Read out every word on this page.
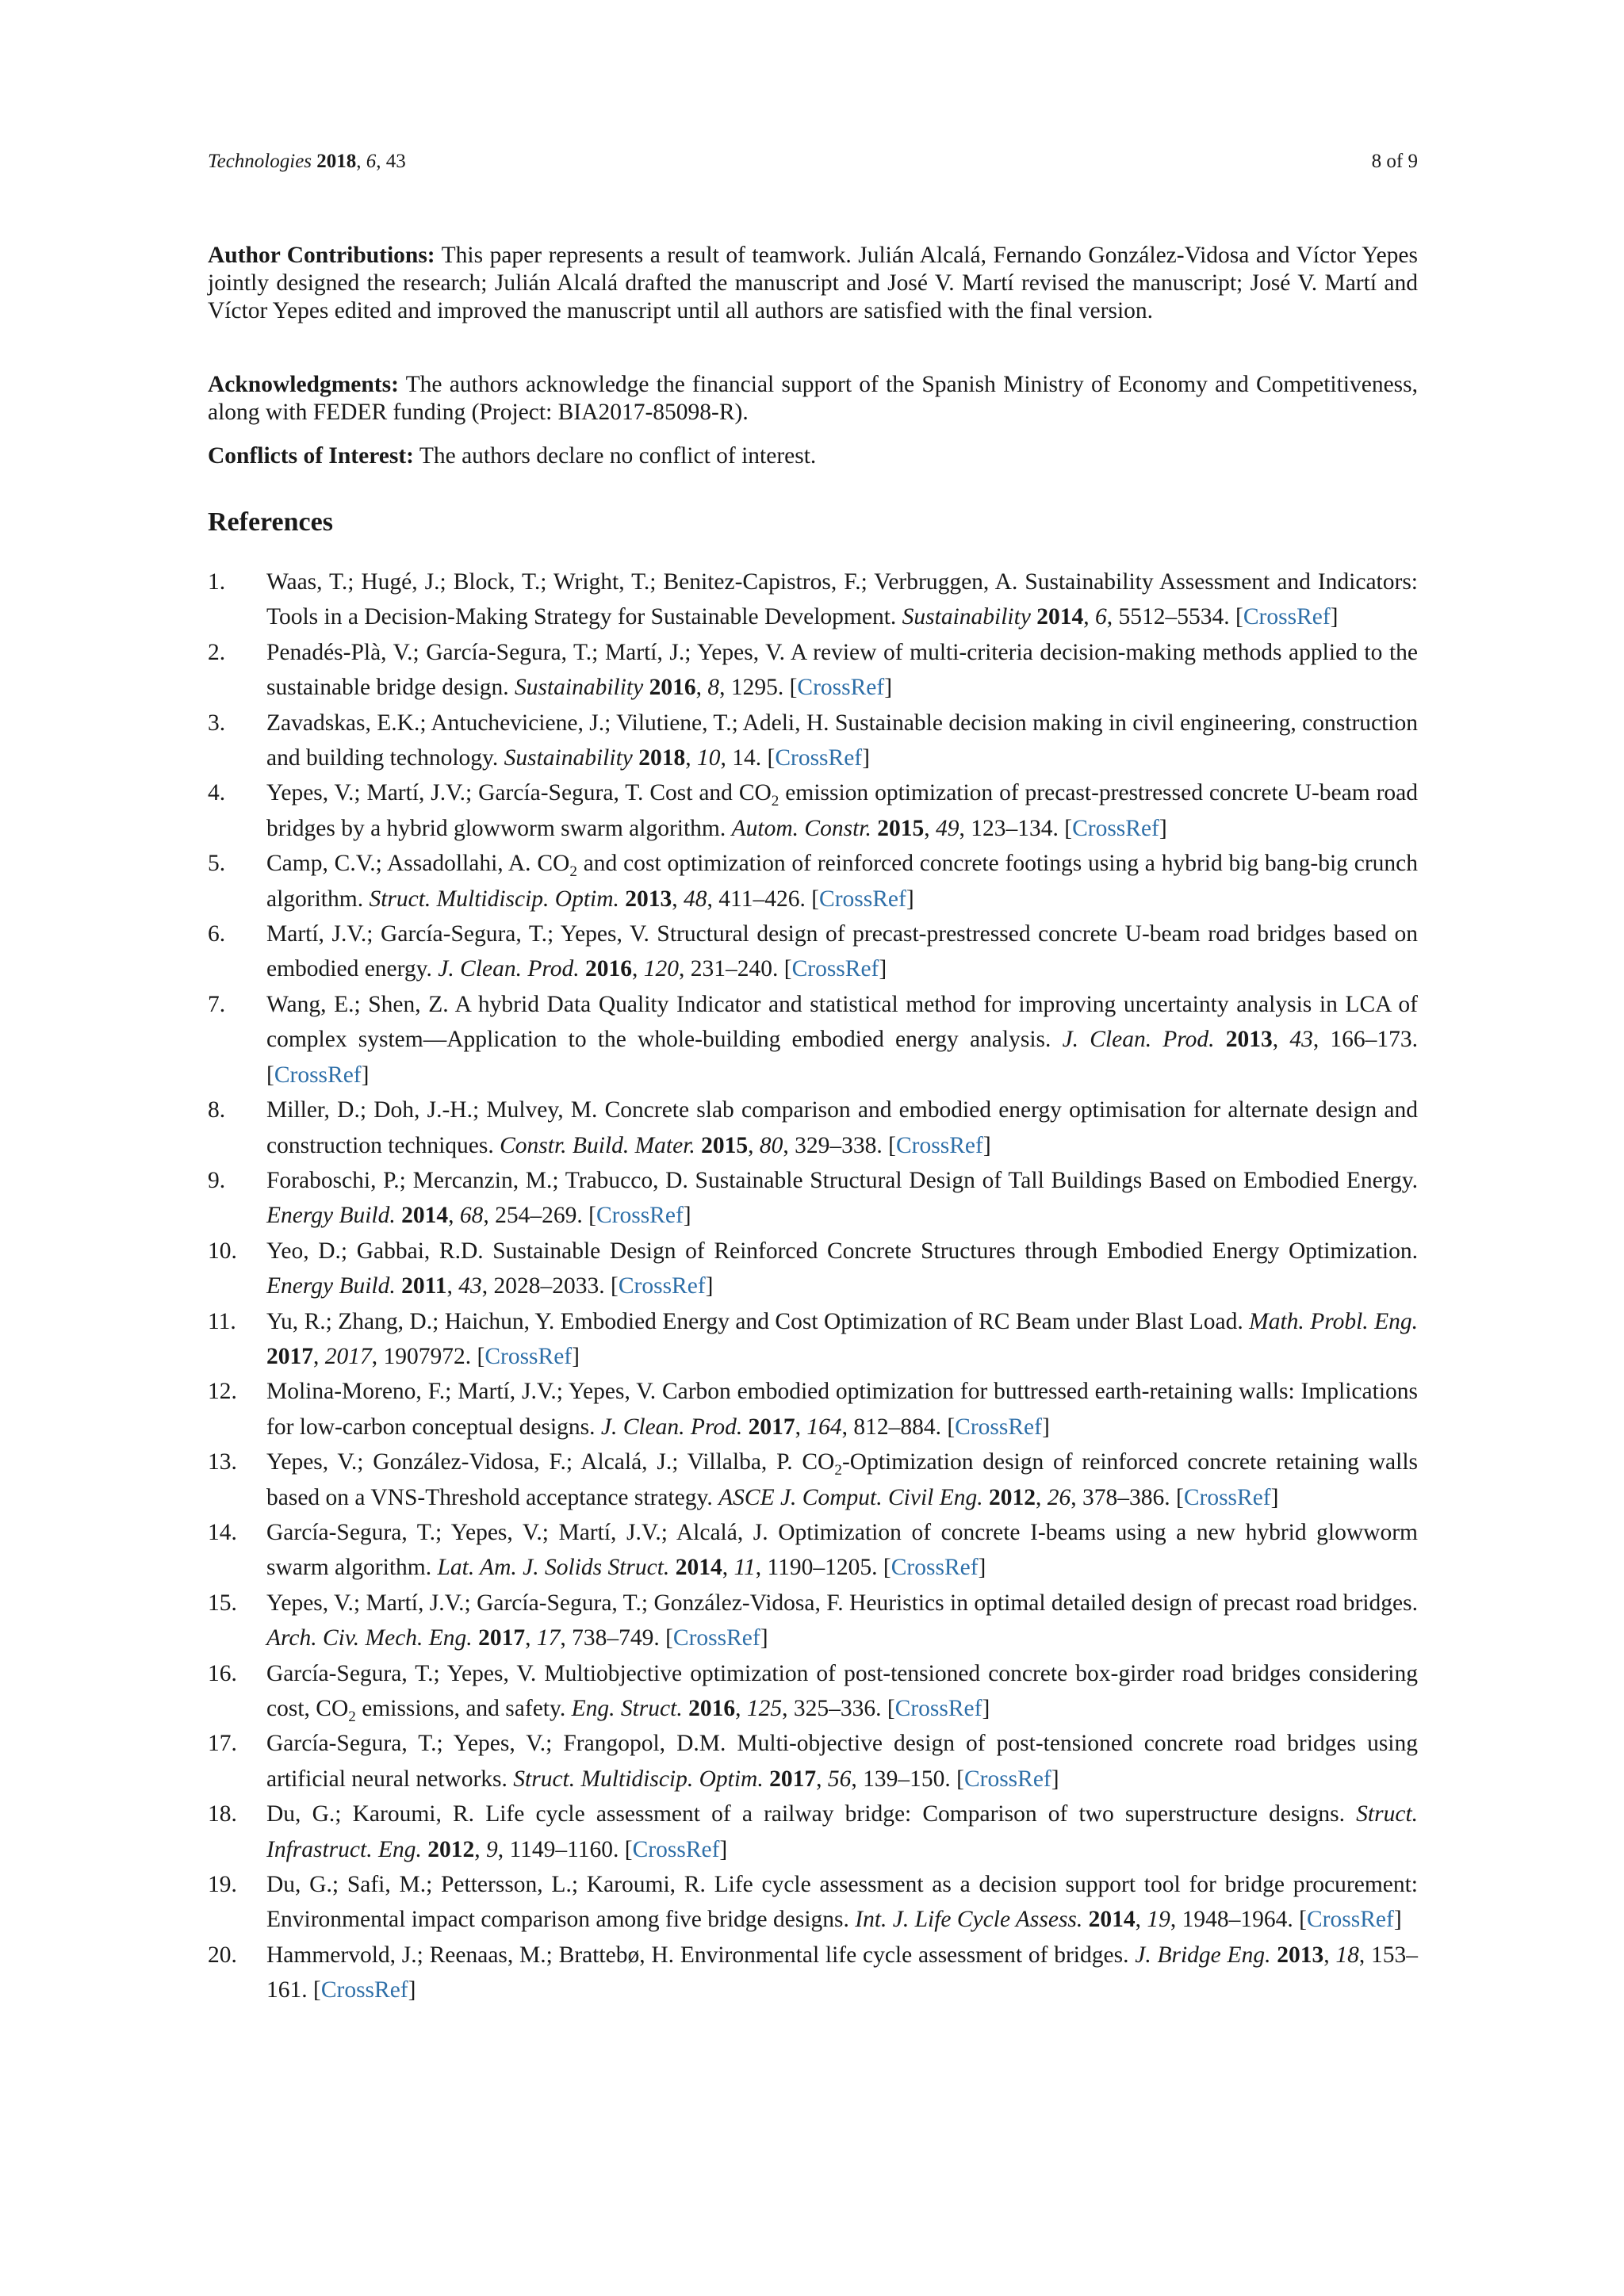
Technologies 2018, 6, 43	8 of 9
Author Contributions: This paper represents a result of teamwork. Julián Alcalá, Fernando González-Vidosa and Víctor Yepes jointly designed the research; Julián Alcalá drafted the manuscript and José V. Martí revised the manuscript; José V. Martí and Víctor Yepes edited and improved the manuscript until all authors are satisfied with the final version.
Acknowledgments: The authors acknowledge the financial support of the Spanish Ministry of Economy and Competitiveness, along with FEDER funding (Project: BIA2017-85098-R).
Conflicts of Interest: The authors declare no conflict of interest.
References
1. Waas, T.; Hugé, J.; Block, T.; Wright, T.; Benitez-Capistros, F.; Verbruggen, A. Sustainability Assessment and Indicators: Tools in a Decision-Making Strategy for Sustainable Development. Sustainability 2014, 6, 5512–5534. [CrossRef]
2. Penadés-Plà, V.; García-Segura, T.; Martí, J.; Yepes, V. A review of multi-criteria decision-making methods applied to the sustainable bridge design. Sustainability 2016, 8, 1295. [CrossRef]
3. Zavadskas, E.K.; Antucheviciene, J.; Vilutiene, T.; Adeli, H. Sustainable decision making in civil engineering, construction and building technology. Sustainability 2018, 10, 14. [CrossRef]
4. Yepes, V.; Martí, J.V.; García-Segura, T. Cost and $CO_2$ emission optimization of precast-prestressed concrete U-beam road bridges by a hybrid glowworm swarm algorithm. Autom. Constr. 2015, 49, 123–134. [CrossRef]
5. Camp, C.V.; Assadollahi, A. $CO_2$ and cost optimization of reinforced concrete footings using a hybrid big bang-big crunch algorithm. Struct. Multidiscip. Optim. 2013, 48, 411–426. [CrossRef]
6. Martí, J.V.; García-Segura, T.; Yepes, V. Structural design of precast-prestressed concrete U-beam road bridges based on embodied energy. J. Clean. Prod. 2016, 120, 231–240. [CrossRef]
7. Wang, E.; Shen, Z. A hybrid Data Quality Indicator and statistical method for improving uncertainty analysis in LCA of complex system—Application to the whole-building embodied energy analysis. J. Clean. Prod. 2013, 43, 166–173. [CrossRef]
8. Miller, D.; Doh, J.-H.; Mulvey, M. Concrete slab comparison and embodied energy optimisation for alternate design and construction techniques. Constr. Build. Mater. 2015, 80, 329–338. [CrossRef]
9. Foraboschi, P.; Mercanzin, M.; Trabucco, D. Sustainable Structural Design of Tall Buildings Based on Embodied Energy. Energy Build. 2014, 68, 254–269. [CrossRef]
10. Yeo, D.; Gabbai, R.D. Sustainable Design of Reinforced Concrete Structures through Embodied Energy Optimization. Energy Build. 2011, 43, 2028–2033. [CrossRef]
11. Yu, R.; Zhang, D.; Haichun, Y. Embodied Energy and Cost Optimization of RC Beam under Blast Load. Math. Probl. Eng. 2017, 2017, 1907972. [CrossRef]
12. Molina-Moreno, F.; Martí, J.V.; Yepes, V. Carbon embodied optimization for buttressed earth-retaining walls: Implications for low-carbon conceptual designs. J. Clean. Prod. 2017, 164, 812–884. [CrossRef]
13. Yepes, V.; González-Vidosa, F.; Alcalá, J.; Villalba, P. $CO_2$-Optimization design of reinforced concrete retaining walls based on a VNS-Threshold acceptance strategy. ASCE J. Comput. Civil Eng. 2012, 26, 378–386. [CrossRef]
14. García-Segura, T.; Yepes, V.; Martí, J.V.; Alcalá, J. Optimization of concrete I-beams using a new hybrid glowworm swarm algorithm. Lat. Am. J. Solids Struct. 2014, 11, 1190–1205. [CrossRef]
15. Yepes, V.; Martí, J.V.; García-Segura, T.; González-Vidosa, F. Heuristics in optimal detailed design of precast road bridges. Arch. Civ. Mech. Eng. 2017, 17, 738–749. [CrossRef]
16. García-Segura, T.; Yepes, V. Multiobjective optimization of post-tensioned concrete box-girder road bridges considering cost, $CO_2$ emissions, and safety. Eng. Struct. 2016, 125, 325–336. [CrossRef]
17. García-Segura, T.; Yepes, V.; Frangopol, D.M. Multi-objective design of post-tensioned concrete road bridges using artificial neural networks. Struct. Multidiscip. Optim. 2017, 56, 139–150. [CrossRef]
18. Du, G.; Karoumi, R. Life cycle assessment of a railway bridge: Comparison of two superstructure designs. Struct. Infrastruct. Eng. 2012, 9, 1149–1160. [CrossRef]
19. Du, G.; Safi, M.; Pettersson, L.; Karoumi, R. Life cycle assessment as a decision support tool for bridge procurement: Environmental impact comparison among five bridge designs. Int. J. Life Cycle Assess. 2014, 19, 1948–1964. [CrossRef]
20. Hammervold, J.; Reenaas, M.; Brattebø, H. Environmental life cycle assessment of bridges. J. Bridge Eng. 2013, 18, 153–161. [CrossRef]
